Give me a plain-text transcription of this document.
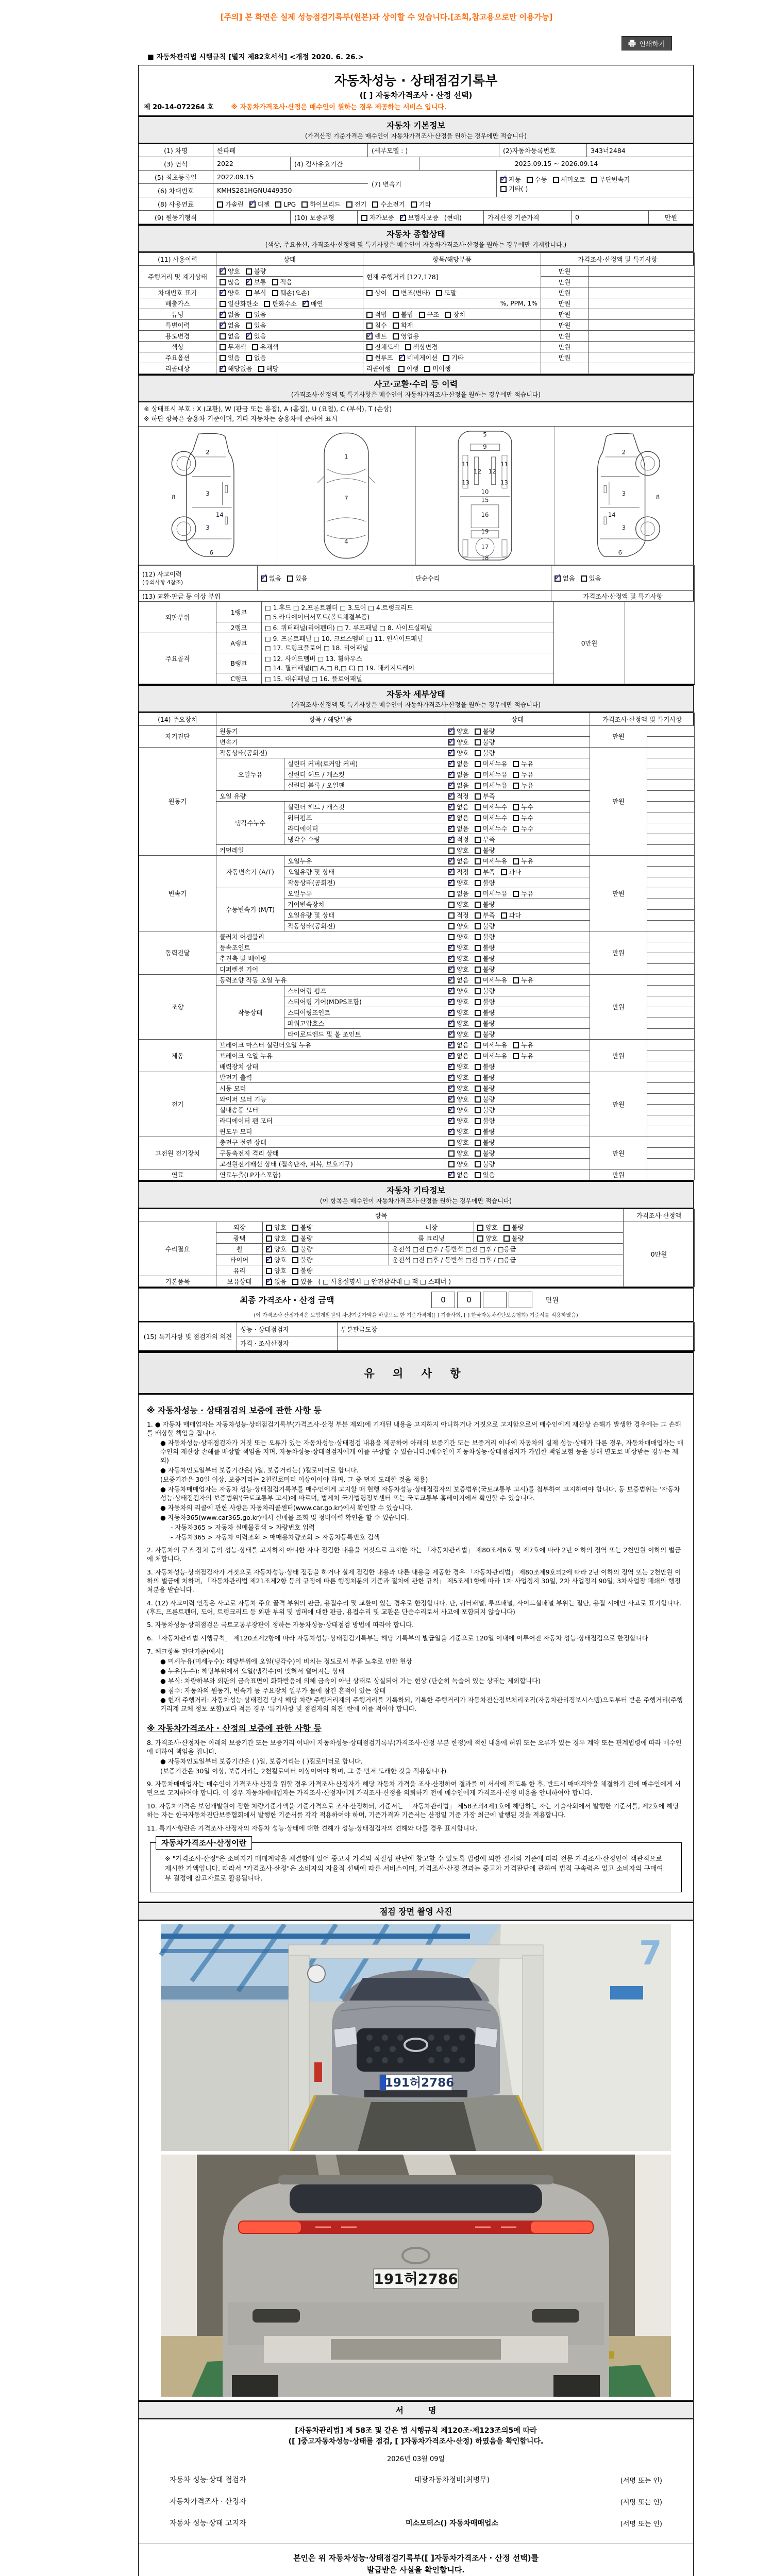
[주의] 본 화면은 실제 성능점검기록부(원본)과 상이할 수 있습니다.[조회,참고용으로만 이용가능]
인쇄하기
■ 자동차관리법 시행규칙 [별지 제82호서식] <개정 2020. 6. 26.>
자동차성능 · 상태점검기록부
([ ] 자동차가격조사 · 산정 선택)
제 20-14-072264 호	※ 자동차가격조사·산정은 매수인이 원하는 경우 제공하는 서비스 입니다.
자동차 기본정보
(가격산정 기준가격은 매수인이 자동차가격조사·산정을 원하는 경우에만 적습니다)
(1) 차명	싼타페	(세부모델 : )	(2)자동차등록번호	343너2484
(3) 연식	2022	(4) 검사유효기간	2025.09.15 ~ 2026.09.14
(5) 최초등록일	2022.09.15
(6) 차대번호	KMHS281HGNU449350
(7) 변속기
✓자동 수동 세미오토 무단변속기기타( )
(8) 사용연료	가솔린 ✓ 디젤 LPG 하이브리드 전기 수소전기 기타
(9) 원동기형식	(10) 보증유형	자가보증 ✓ 보험사보증 (현대)	가격산정 기준가격	0	만원
자동차 종합상태
(색상, 주요옵션, 가격조사·산정액 및 특기사항은 매수인이 자동차가격조사·산정을 원하는 경우에만 기재합니다.)
(11) 사용이력	상태	항목/해당부품	가격조사·산정액 및 특기사항	
주행거리 및 계기상태	✓양호 불량	현재 주행거리 [127,178]	만원	
	많음 ✓ 보통 적음		만원	
차대번호 표기	✓양호 부식 훼손(오손)	상이 변조(변타) 도말	만원	
배출가스	일산화탄소 탄화수소 ✓ 매연	%, PPM, 1%	만원	
튜닝	✓없음 있음	적법 불법 구조 장치	만원	
특별이력	✓없음 있음	침수 화재	만원	
용도변경	없음 ✓ 있음	✓렌트 영업용	만원	
색상	무채색 유채색	전체도색 색상변경	만원	
주요옵션	있음 없음	썬루프 ✓ 네비게이션 기타	만원	
리콜대상	✓해당없음 해당	리콜이행 이행 미이행		
사고·교환·수리 등 이력
(가격조사·산정액 및 특기사항은 매수인이 자동차가격조사·산정을 원하는 경우에만 적습니다)
※ 상태표시 부호 : X (교환), W (판금 또는 용접), A (흠집), U (요철), C (부식), T (손상)
※ 하단 항목은 승용차 기준이며, 기타 자동차는 승용차에 준하여 표시
2
8
3
14
3
6
1
7
4
5
9
11	11
12 12
13	13
10
15
16
19
17
18
2
8
3
14
3
6
(12) 사고이력
(유의사항 4참조)
	✓없음 있음	단순수리	✓없음 있음
(13) 교환·판금 등 이상 부위			가격조사·산정액 및 특기사항
외판부위	1랭크	□ 1.후드 □ 2.프론트휀더 □ 3.도어 □ 4.트렁크리드
□ 5.라디에이터서포트(볼트체결부품)	0만원	
	2랭크	□ 6. 쿼터패널(리어펜더) □ 7. 루프패널 □ 8. 사이드실패널		

주요골격	A랭크	□ 9. 프론트패널 □ 10. 크로스멤버 □ 11. 인사이드패널
□ 17. 트렁크플로어 □ 18. 리어패널		

	B랭크	□ 12. 사이드멤버 □ 13. 휠하우스
□ 14. 필러패널(□ A,□ B,□ C) □ 19. 패키지트레이		

	C랭크	□ 15. 대쉬패널 □ 16. 플로어패널		
자동차 세부상태
(가격조사·산정액 및 특기사항은 매수인이 자동차가격조사·산정을 원하는 경우에만 적습니다)
(14) 주요장치	항목 / 해당부품		상태	가격조사·산정액 및 특기사항	
자기진단	원동기	✓양호 불량	만원	
	변속기	✓양호 불량	
원동기	작동상태(공회전)	✓양호 불량	만원	
	오일누유	실린더 커버(로커암 커버)	✓없음 미세누유 누유	
		실린더 헤드 / 개스킷	✓없음 미세누유 누유	
		실린더 블록 / 오일팬	✓없음 미세누유 누유	
	오일 유량	✓적정 부족	
	냉각수누수	실린더 헤드 / 개스킷	✓없음 미세누수 누수	
		워터펌프	✓없음 미세누수 누수	
		라디에이터	✓없음 미세누수 누수	
		냉각수 수량	✓적정 부족	
	커먼레일		양호 불량		
변속기	자동변속기 (A/T)	오일누유	✓없음 미세누유 누유	만원	
		오일유량 및 상태	✓적정 부족 과다	
		작동상태(공회전)	✓양호 불량	
	수동변속기 (M/T)	오일누유	없음 미세누유 누유		
		기어변속장치	양호 불량		
		오일유량 및 상태	적정 부족 과다		
		작동상태(공회전)	양호 불량		
동력전달	클러치 어셈블리		양호 불량	만원	
	등속조인트	✓양호 불량	
	추진축 및 베어링	✓양호 불량	
	디퍼렌셜 기어	✓양호 불량	
조향	동력조향 작동 오일 누유	✓없음 미세누유 누유	만원	
	작동상태	스티어링 펌프	✓양호 불량	
		스티어링 기어(MDPS포함)	✓양호 불량	
		스티어링조인트	✓양호 불량	
		파워고압호스	✓양호 불량	
		타이로드엔드 및 볼 조인트	✓양호 불량	
제동	브레이크 마스터 실린더오일 누유	✓없음 미세누유 누유	만원	
	브레이크 오일 누유	✓없음 미세누유 누유	
	배력장치 상태	✓양호 불량	
전기	발전기 출력	✓양호 불량	만원	
	시동 모터	✓양호 불량	
	와이퍼 모터 기능	✓양호 불량	
	실내송풍 모터	✓양호 불량	
	라디에이터 팬 모터	✓양호 불량	
	윈도우 모터	✓양호 불량	
고전원 전기장치	충전구 절연 상태		양호 불량	만원	
	구동축전지 격리 상태		양호 불량		
	고전원전기배선 상태 (접속단자, 피복, 보호기구)		양호 불량		
연료	연료누출(LP가스포함)	✓없음 있음	만원	
자동차 기타정보
(이 항목은 매수인이 자동차가격조사·산정을 원하는 경우에만 적습니다)
항목					가격조사·산정액
수리필요	외장	양호 불량	내장	양호 불량	0만원
	광택	양호 불량	룸 크리닝	양호 불량	
	휠	✓양호 불량	운전석 □전 □후 / 동반석 □전 □후 / □응급		
	타이어	✓양호 불량	운전석 □전 □후 / 동반석 □전 □후 / □응급		
	유리	양호 불량			
기본품목	보유상태	✓없음 있음 ( □ 사용설명서 □ 안전삼각대 □ 잭 □ 스패너 )
최종 가격조사 · 산정 금액	0	0	만원
(이 가격조사·산정가격은 보험개발원의 차량기준가액을 바탕으로 한 기준가격에([ ] 기술사회, [ ] 한국자동차진단보증협회) 기준서를 적용하였음)
(15) 특기사항 및 점검자의 의견	성능 · 상태점검자	부분판금도장
	가격 · 조사산정자	
유 의 사 항
※ 자동차성능 · 상태점검의 보증에 관한 사항 등
1. ● 자동차 매매업자는 자동차성능·상태점검기록부(가격조사·산정 부분 제외)에 기재된 내용을 고지하지 아니하거나 거짓으로 고지함으로써 매수인에게 재산상 손해가 발생한 경우에는 그 손해를 배상할 책임을 집니다.
● 자동차성능·상태점검자가 거짓 또는 오류가 있는 자동차성능·상태점검 내용을 제공하여 아래의 보증기간 또는 보증거리 이내에 자동차의 실제 성능·상태가 다른 경우, 자동차매매업자는 매수인의 재산상 손해를 배상할 책임을 지며, 자동차성능·상태점검자에게 이를 구상할 수 있습니다.(매수인이 자동차성능·상태점검자가 가입한 책임보험 등을 통해 별도로 배상받는 경우는 제외)
● 자동차인도일부터 보증기간은( )일, 보증거리는( )킬로미터로 합니다.
(보증기간은 30일 이상, 보증거리는 2천킬로미터 이상이어야 하며, 그 중 먼저 도래한 것을 적용)
● 자동차매매업자는 자동차 성능·상태점검기록부를 매수인에게 고지할 때 현행 자동차성능·상태점검자의 보증범위(국토교통부 고시)를 첨부하여 고지하여야 합니다. 동 보증범위는 '자동차성능·상태점검자의 보증범위'(국토교통부 고시)에 따르며, 법제처 국가법령정보센터 또는 국토교통부 홈페이지에서 확인할 수 있습니다.
● 자동차의 리콜에 관한 사항은 자동차리콜센터(www.car.go.kr)에서 확인할 수 있습니다.
● 자동차365(www.car365.go.kr)에서 실매물 조회 및 정비이력 확인을 할 수 있습니다.
- 자동차365 > 자동차 실매물검색 > 차량번호 입력
- 자동차365 > 자동차 이력조회 > 매매용차량조회 > 자동차등록번호 검색
2. 자동차의 구조·장치 등의 성능·상태를 고지하지 아니한 자나 점검한 내용을 거짓으로 고지한 자는 「자동차관리법」 제80조제6호 및 제7호에 따라 2년 이하의 징역 또는 2천만원 이하의 벌금에 처합니다.
3. 자동차성능·상태점검자가 거짓으로 자동차성능·상태 점검을 하거나 실제 점검한 내용과 다른 내용을 제공한 경우 「자동차관리법」 제80조제9호의2에 따라 2년 이하의 징역 또는 2천만원 이하의 벌금에 처하며, 「자동차관리법 제21조제2항 등의 규정에 따른 행정처분의 기준과 절차에 관한 규칙」 제5조제1항에 따라 1차 사업정지 30일, 2차 사업정지 90일, 3차사업장 폐쇄의 행정처분을 받습니다.
4. (12) 사고이력 인정은 사고로 자동차 주요 골격 부위의 판금, 용접수리 및 교환이 있는 경우로 한정합니다. 단, 쿼터패널, 루프패널, 사이드실패널 부위는 절단, 용접 시에만 사고로 표기합니다. (후드, 프론트펜더, 도어, 트렁크리드 등 외판 부위 및 범퍼에 대한 판금, 용접수리 및 교환은 단순수리로서 사고에 포함되지 않습니다)
5. 자동차성능·상태점검은 국토교통부장관이 정하는 자동차성능·상태점검 방법에 따라야 합니다.
6. 「자동차관리법 시행규칙」 제120조제2항에 따라 자동차성능·상태점검기록부는 해당 기록부의 발급일을 기준으로 120일 이내에 이루어진 자동차 성능·상태점검으로 한정합니다
7. 체크항목 판단기준(예시)
● 미세누유(미세누수): 해당부위에 오일(냉각수)이 비치는 정도로서 부품 노후로 인한 현상
● 누유(누수): 해당부위에서 오일(냉각수)이 맺혀서 떨어지는 상태
● 부식: 차량하부와 외판의 금속표면이 화학반응에 의해 금속이 아닌 상태로 상실되어 가는 현상 (단순히 녹슬어 있는 상태는 제외합니다)
● 침수: 자동차의 원동기, 변속기 등 주요장치 일부가 물에 잠긴 흔적이 있는 상태
● 현재 주행거리: 자동차성능·상태점검 당시 해당 차량 주행거리계의 주행거리를 기록하되, 기록한 주행거리가 자동차전산정보처리조직(자동차관리정보시스템)으로부터 받은 주행거리(주행거리계 교체 정보 포함)보다 적은 경우 '특기사항 및 점검자의 의견' 란에 이를 적어야 합니다.
※ 자동차가격조사 · 산정의 보증에 관한 사항 등
8. 가격조사·산정자는 아래의 보증기간 또는 보증거리 이내에 자동차성능·상태점검기록부(가격조사·산정 부분 한정)에 적힌 내용에 허위 또는 오류가 있는 경우 계약 또는 관계법령에 따라 매수인에 대하여 책임을 집니다.
● 자동차인도일부터 보증기간은 ( )일, 보증거리는 ( )킬로미터로 합니다.
(보증기간은 30일 이상, 보증거리는 2천킬로미터 이상이어야 하며, 그 중 먼저 도래한 것을 적용합니다)
9. 자동차매매업자는 매수인이 가격조사·산정을 원할 경우 가격조사·산정자가 해당 자동차 가격을 조사·산정하여 결과를 이 서식에 적도록 한 후, 반드시 매매계약을 체결하기 전에 매수인에게 서면으로 고지하여야 합니다. 이 경우 자동차매매업자는 가격조사·산정자에게 가격조사·산정을 의뢰하기 전에 매수인에게 가격조사·산정 비용을 안내하여야 합니다.
10. 자동차가격은 보험개발원이 정한 차량기준가액을 기준가격으로 조사·산정하되, 기준서는 「자동차관리법」 제58조의4제1호에 해당하는 자는 기술사회에서 발행한 기준서를, 제2호에 해당하는 자는 한국자동차진단보증협회에서 발행한 기준서를 각각 적용하여야 하며, 기준가격과 기준서는 산정일 기준 가장 최근에 발행된 것을 적용합니다.
11. 특기사항란은 가격조사·산정자의 자동차 성능·상태에 대한 견해가 성능·상태점검자의 견해와 다를 경우 표시합니다.
자동차가격조사·산정이란
※ "가격조사·산정"은 소비자가 매매계약을 체결함에 있어 중고차 가격의 적절성 판단에 참고할 수 있도록 법령에 의한 절차와 기준에 따라 전문 가격조사·산정인이 객관적으로 제시한 가액입니다. 따라서 "가격조사·산정"은 소비자의 자율적 선택에 따른 서비스이며, 가격조사·산정 결과는 중고차 가격판단에 관하여 법적 구속력은 없고 소비자의 구매여부 결정에 참고자료로 활용됩니다.
점검 장면 촬영 사진
7
191허2786
191허2786
서명
[자동차관리법] 제 58조 및 같은 법 시행규칙 제120조·제123조의5에 따라
([ ]중고자동차성능·상태를 점검, [ ]자동차가격조사·산정) 하였음을 확인합니다.
2026년 03월 09일
자동차 성능·상태 점검자	대광자동차정비(최병무)	(서명 또는 인)
자동차가격조사 · 산정자	(서명 또는 인)
자동차 성능·상태 고지자	미소모터스() 자동차매매업소	(서명 또는 인)
본인은 위 자동차성능·상태점검기록부([ ]자동차가격조사 · 산정 선택)를
발급받은 사실을 확인합니다.
